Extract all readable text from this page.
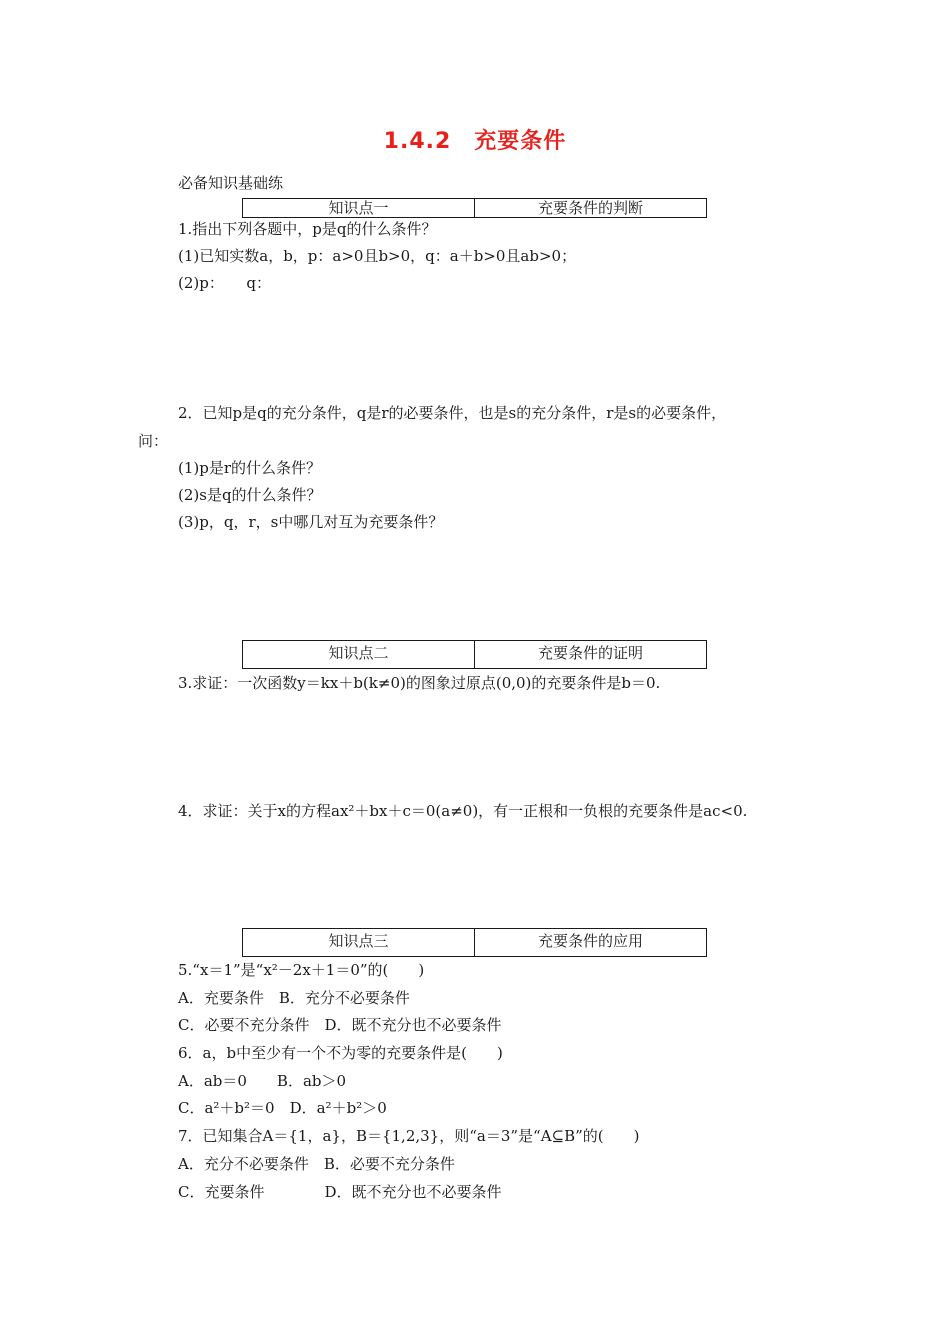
1.4.2　充要条件
必备知识基础练
知识点一	充要条件的判断
1.指出下列各题中，p是q的什么条件？
(1)已知实数a，b，p：a>0且b>0，q：a＋b>0且ab>0；
(2)p：　　q：
2．已知p是q的充分条件，q是r的必要条件，也是s的充分条件，r是s的必要条件，
问：
(1)p是r的什么条件？
(2)s是q的什么条件？
(3)p，q，r，s中哪几对互为充要条件？
知识点二	充要条件的证明
3.求证：一次函数y＝kx＋b(k≠0)的图象过原点(0,0)的充要条件是b＝0.
4．求证：关于x的方程ax²＋bx＋c＝0(a≠0)，有一正根和一负根的充要条件是ac<0.
知识点三	充要条件的应用
5.“x＝1”是“x²－2x＋1＝0”的(　　)
A．充要条件　B．充分不必要条件
C．必要不充分条件　D．既不充分也不必要条件
6．a，b中至少有一个不为零的充要条件是(　　)
A．ab＝0　　B．ab＞0
C．a²＋b²＝0　D．a²＋b²＞0
7．已知集合A＝{1，a}，B＝{1,2,3}，则“a＝3”是“A⊆B”的(　　)
A．充分不必要条件　B．必要不充分条件
C．充要条件　　　　D．既不充分也不必要条件
